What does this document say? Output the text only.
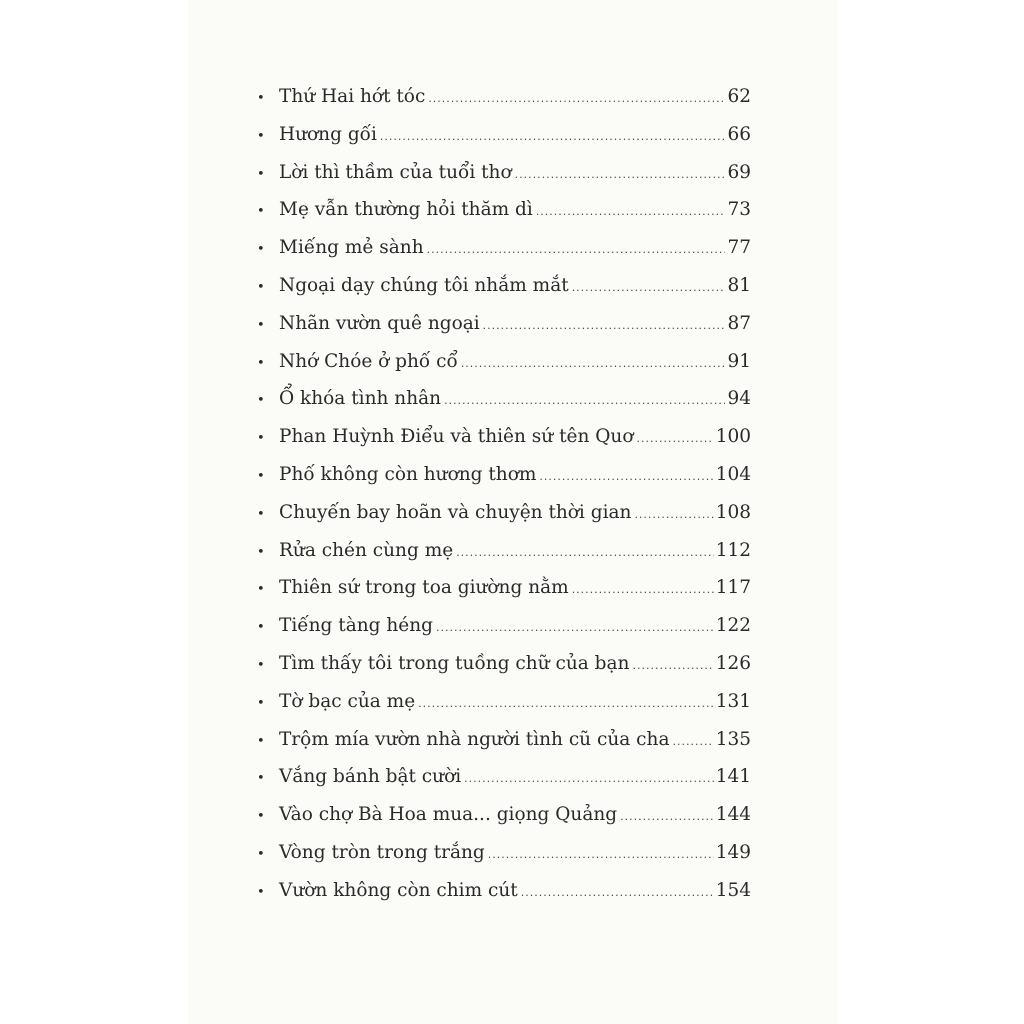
• Thứ Hai hớt tóc .....	62
• Hương gối .....	66
• Lời thì thầm của tuổi thơ .....	69
• Mẹ vẫn thường hỏi thăm dì .....	73
• Miếng mẻ sành .....	77
• Ngoại dạy chúng tôi nhắm mắt .....	81
• Nhãn vườn quê ngoại .....	87
• Nhớ Chóe ở phố cổ .....	91
• Ổ khóa tình nhân .....	94
• Phan Huỳnh Điểu và thiên sứ tên Quơ .....	100
• Phố không còn hương thơm .....	104
• Chuyến bay hoãn và chuyện thời gian .....	108
• Rửa chén cùng mẹ .....	112
• Thiên sứ trong toa giường nằm .....	117
• Tiếng tàng héng .....	122
• Tìm thấy tôi trong tuồng chữ của bạn .....	126
• Tờ bạc của mẹ .....	131
• Trộm mía vườn nhà người tình cũ của cha ..... 135
• Vắng bánh bật cười .....	141
• Vào chợ Bà Hoa mua... giọng Quảng .....	144
• Vòng tròn trong trắng .....	149
• Vườn không còn chim cút .....	154
